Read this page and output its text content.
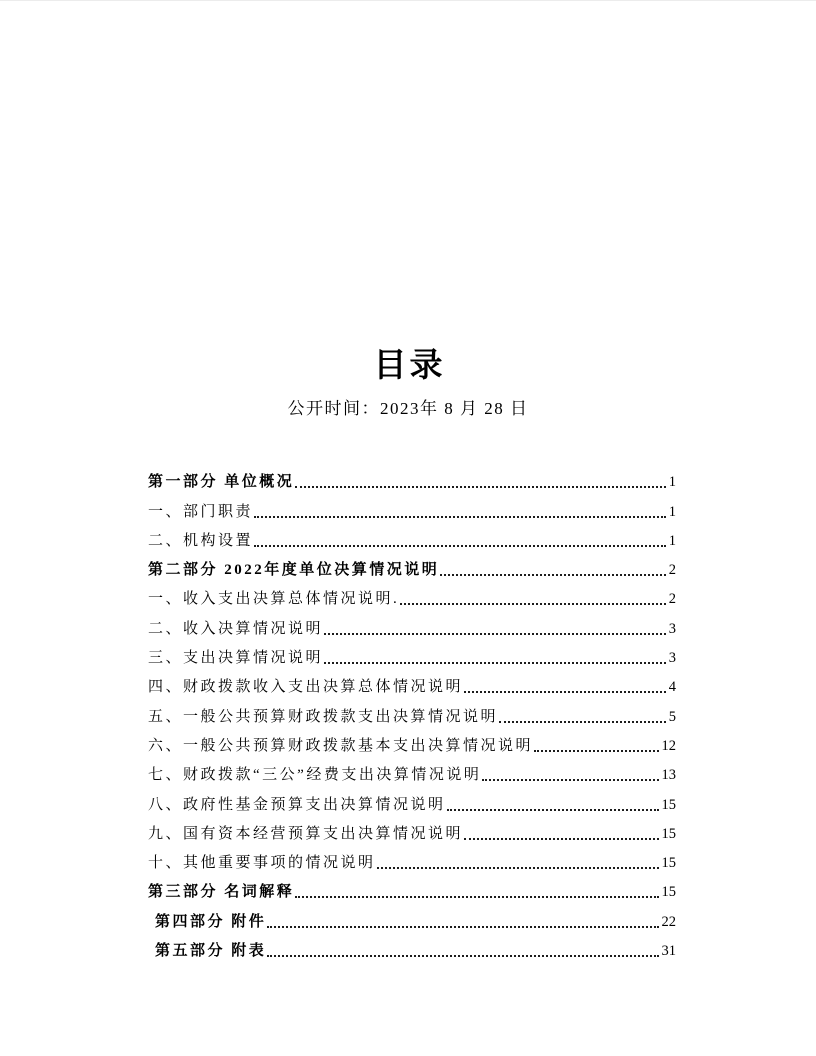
目录
公开时间：2023年 8 月 28 日
第一部分 单位概况	1
一、部门职责	1
二、机构设置	1
第二部分 2022年度单位决算情况说明	2
一、收入支出决算总体情况说明.	2
二、收入决算情况说明	3
三、支出决算情况说明	3
四、财政拨款收入支出决算总体情况说明	4
五、一般公共预算财政拨款支出决算情况说明	5
六、一般公共预算财政拨款基本支出决算情况说明	12
七、财政拨款“三公”经费支出决算情况说明	13
八、政府性基金预算支出决算情况说明	15
九、国有资本经营预算支出决算情况说明	15
十、其他重要事项的情况说明	15
第三部分 名词解释	15
第四部分 附件	22
第五部分 附表	31
